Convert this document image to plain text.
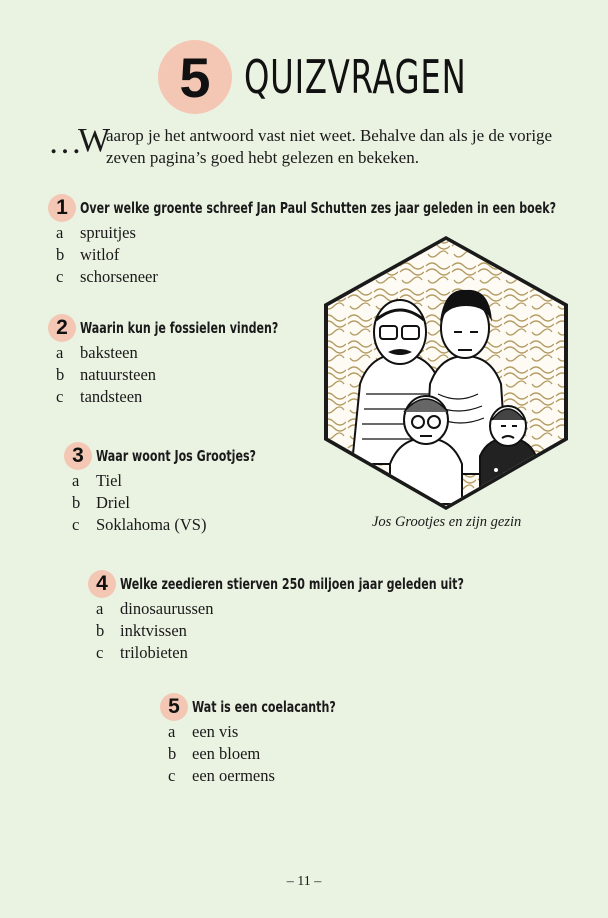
5 QUIZVRAGEN
…
W
aarop je het antwoord vast niet weet. Behalve dan als je de vorige
zeven pagina’s goed hebt gelezen en bekeken.
1 Over welke groente schreef Jan Paul Schutten zes jaar geleden in een boek?
a	spruitjes
b witlof
c	schorseneer
2 Waarin kun je fossielen vinden?
a	baksteen
b natuursteen
c	tandsteen
3 Waar woont Jos Grootjes?
a	Tiel
b Driel
c	Soklahoma (VS)
4 Welke zeedieren stierven 250 miljoen jaar geleden uit?
a	dinosaurussen
b inktvissen
c	trilobieten
5 Wat is een coelacanth?
a	een vis
b een bloem
c	een oermens
Jos Grootjes en zijn gezin
– 11 –
